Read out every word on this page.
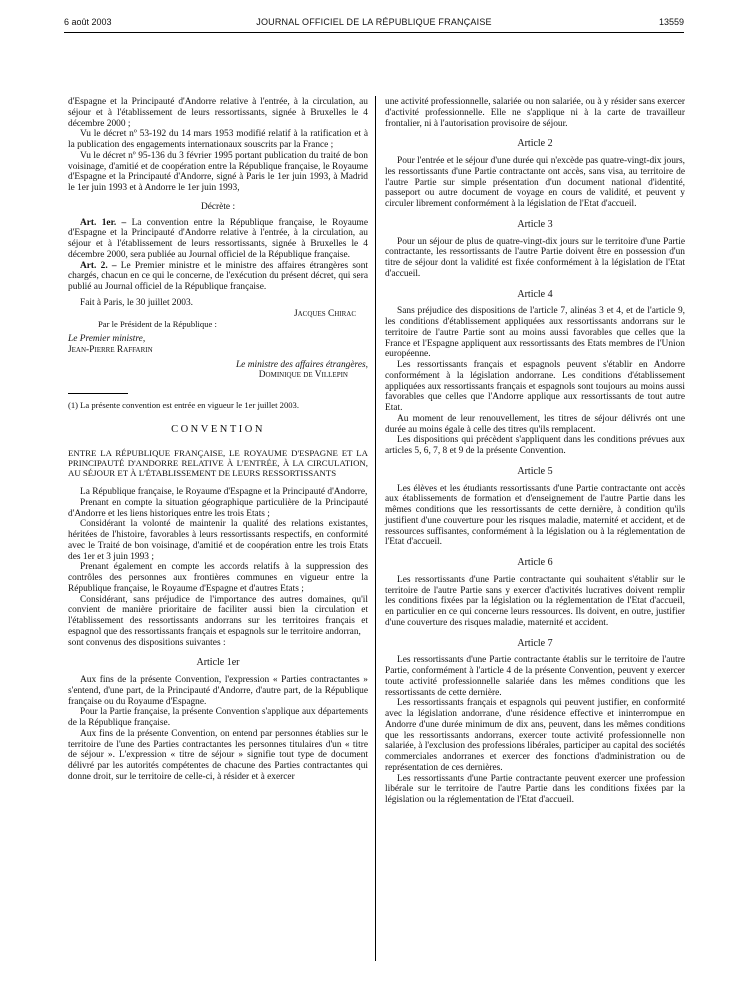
6 août 2003	JOURNAL OFFICIEL DE LA RÉPUBLIQUE FRANÇAISE	13559

d'Espagne et la Principauté d'Andorre relative à l'entrée, à la circulation, au séjour et à l'établissement de leurs ressortissants, signée à Bruxelles le 4 décembre 2000 ;

Vu le décret nº 53-192 du 14 mars 1953 modifié relatif à la ratification et à la publication des engagements internationaux souscrits par la France ;

Vu le décret nº 95-136 du 3 février 1995 portant publication du traité de bon voisinage, d'amitié et de coopération entre la République française, le Royaume d'Espagne et la Principauté d'Andorre, signé à Paris le 1er juin 1993, à Madrid le 1er juin 1993 et à Andorre le 1er juin 1993,

Décrète :

Art. 1er. – La convention entre la République française, le Royaume d'Espagne et la Principauté d'Andorre relative à l'entrée, à la circulation, au séjour et à l'établissement de leurs ressortissants, signée à Bruxelles le 4 décembre 2000, sera publiée au Journal officiel de la République française.

Art. 2. – Le Premier ministre et le ministre des affaires étrangères sont chargés, chacun en ce qui le concerne, de l'exécution du présent décret, qui sera publié au Journal officiel de la République française.

Fait à Paris, le 30 juillet 2003.

Jacques Chirac

Par le Président de la République :

Le Premier ministre,

Jean-Pierre Raffarin

Le ministre des affaires étrangères,

Dominique de Villepin

(1) La présente convention est entrée en vigueur le 1er juillet 2003.

CONVENTION

ENTRE LA RÉPUBLIQUE FRANÇAISE, LE ROYAUME D'ESPAGNE ET LA PRINCIPAUTÉ D'ANDORRE RELATIVE À L'ENTRÉE, À LA CIRCULATION, AU SÉJOUR ET À L'ÉTABLISSEMENT DE LEURS RESSORTISSANTS

La République française, le Royaume d'Espagne et la Principauté d'Andorre,

Prenant en compte la situation géographique particulière de la Principauté d'Andorre et les liens historiques entre les trois Etats ;

Considérant la volonté de maintenir la qualité des relations existantes, héritées de l'histoire, favorables à leurs ressortissants respectifs, en conformité avec le Traité de bon voisinage, d'amitié et de coopération entre les trois Etats des 1er et 3 juin 1993 ;

Prenant également en compte les accords relatifs à la suppression des contrôles des personnes aux frontières communes en vigueur entre la République française, le Royaume d'Espagne et d'autres Etats ;

Considérant, sans préjudice de l'importance des autres domaines, qu'il convient de manière prioritaire de faciliter aussi bien la circulation et l'établissement des ressortissants andorrans sur les territoires français et espagnol que des ressortissants français et espagnols sur le territoire andorran,

sont convenus des dispositions suivantes :

Article 1er

Aux fins de la présente Convention, l'expression « Parties contractantes » s'entend, d'une part, de la Principauté d'Andorre, d'autre part, de la République française ou du Royaume d'Espagne.

Pour la Partie française, la présente Convention s'applique aux départements de la République française.

Aux fins de la présente Convention, on entend par personnes établies sur le territoire de l'une des Parties contractantes les personnes titulaires d'un « titre de séjour ». L'expression « titre de séjour » signifie tout type de document délivré par les autorités compétentes de chacune des Parties contractantes qui donne droit, sur le territoire de celle-ci, à résider et à exercer

une activité professionnelle, salariée ou non salariée, ou à y résider sans exercer d'activité professionnelle. Elle ne s'applique ni à la carte de travailleur frontalier, ni à l'autorisation provisoire de séjour.

Article 2

Pour l'entrée et le séjour d'une durée qui n'excède pas quatre-vingt-dix jours, les ressortissants d'une Partie contractante ont accès, sans visa, au territoire de l'autre Partie sur simple présentation d'un document national d'identité, passeport ou autre document de voyage en cours de validité, et peuvent y circuler librement conformément à la législation de l'Etat d'accueil.

Article 3

Pour un séjour de plus de quatre-vingt-dix jours sur le territoire d'une Partie contractante, les ressortissants de l'autre Partie doivent être en possession d'un titre de séjour dont la validité est fixée conformément à la législation de l'Etat d'accueil.

Article 4

Sans préjudice des dispositions de l'article 7, alinéas 3 et 4, et de l'article 9, les conditions d'établissement appliquées aux ressortissants andorrans sur le territoire de l'autre Partie sont au moins aussi favorables que celles que la France et l'Espagne appliquent aux ressortissants des Etats membres de l'Union européenne.

Les ressortissants français et espagnols peuvent s'établir en Andorre conformément à la législation andorrane. Les conditions d'établissement appliquées aux ressortissants français et espagnols sont toujours au moins aussi favorables que celles que l'Andorre applique aux ressortissants de tout autre Etat.

Au moment de leur renouvellement, les titres de séjour délivrés ont une durée au moins égale à celle des titres qu'ils remplacent.

Les dispositions qui précèdent s'appliquent dans les conditions prévues aux articles 5, 6, 7, 8 et 9 de la présente Convention.

Article 5

Les élèves et les étudiants ressortissants d'une Partie contractante ont accès aux établissements de formation et d'enseignement de l'autre Partie dans les mêmes conditions que les ressortissants de cette dernière, à condition qu'ils justifient d'une couverture pour les risques maladie, maternité et accident, et de ressources suffisantes, conformément à la législation ou à la réglementation de l'Etat d'accueil.

Article 6

Les ressortissants d'une Partie contractante qui souhaitent s'établir sur le territoire de l'autre Partie sans y exercer d'activités lucratives doivent remplir les conditions fixées par la législation ou la réglementation de l'Etat d'accueil, en particulier en ce qui concerne leurs ressources. Ils doivent, en outre, justifier d'une couverture des risques maladie, maternité et accident.

Article 7

Les ressortissants d'une Partie contractante établis sur le territoire de l'autre Partie, conformément à l'article 4 de la présente Convention, peuvent y exercer toute activité professionnelle salariée dans les mêmes conditions que les ressortissants de cette dernière.

Les ressortissants français et espagnols qui peuvent justifier, en conformité avec la législation andorrane, d'une résidence effective et ininterrompue en Andorre d'une durée minimum de dix ans, peuvent, dans les mêmes conditions que les ressortissants andorrans, exercer toute activité professionnelle non salariée, à l'exclusion des professions libérales, participer au capital des sociétés commerciales andorranes et exercer des fonctions d'administration ou de représentation de ces dernières.

Les ressortissants d'une Partie contractante peuvent exercer une profession libérale sur le territoire de l'autre Partie dans les conditions fixées par la législation ou la réglementation de l'Etat d'accueil.
